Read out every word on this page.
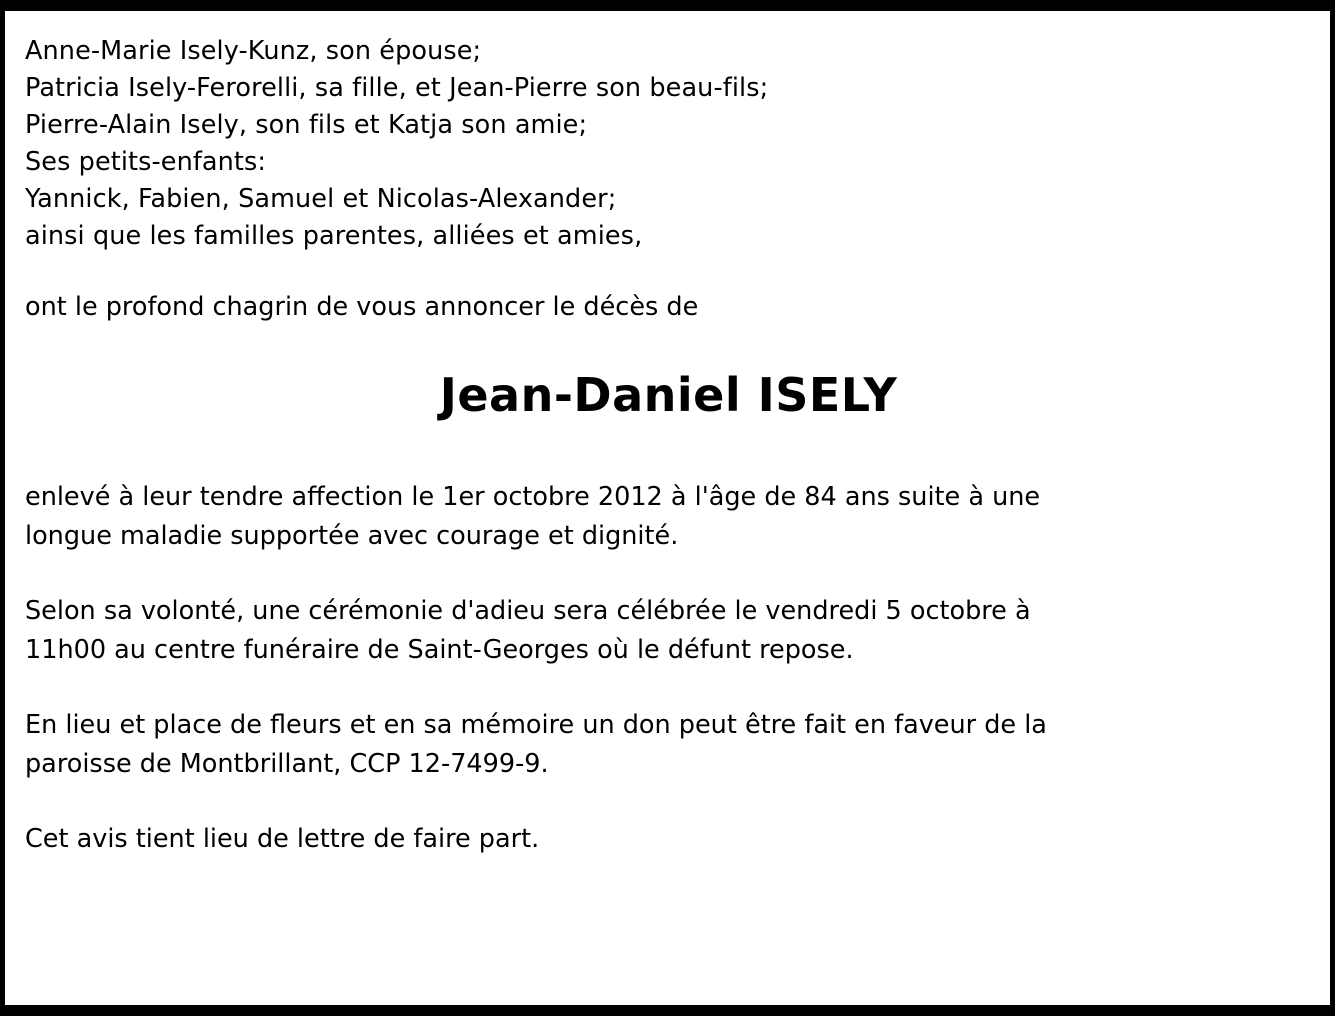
Anne-Marie Isely-Kunz, son épouse;
Patricia Isely-Ferorelli, sa fille, et Jean-Pierre son beau-fils;
Pierre-Alain Isely, son fils et Katja son amie;
Ses petits-enfants:
Yannick, Fabien, Samuel et Nicolas-Alexander;
ainsi que les familles parentes, alliées et amies,
ont le profond chagrin de vous annoncer le décès de
Jean-Daniel ISELY
enlevé à leur tendre affection le 1er octobre 2012 à l'âge de 84 ans suite à une
longue maladie supportée avec courage et dignité.
Selon sa volonté, une cérémonie d'adieu sera célébrée le vendredi 5 octobre à
11h00 au centre funéraire de Saint-Georges où le défunt repose.
En lieu et place de fleurs et en sa mémoire un don peut être fait en faveur de la
paroisse de Montbrillant, CCP 12-7499-9.
Cet avis tient lieu de lettre de faire part.
